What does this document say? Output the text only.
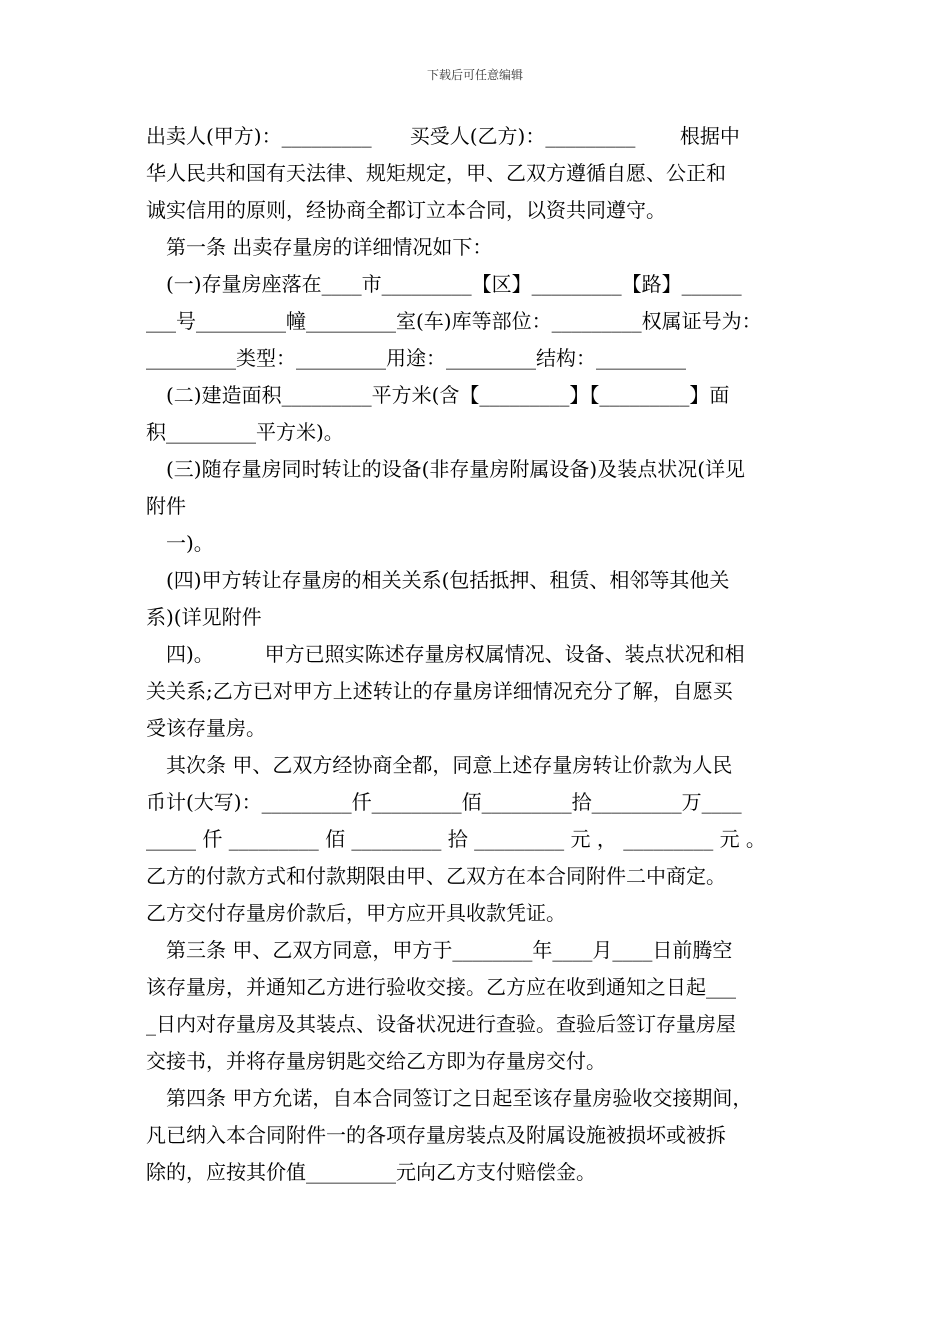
下载后可任意编辑
出卖人(甲方)：_________      买受人(乙方)：_________       根据中
华人民共和国有天法律、规矩规定，甲、乙双方遵循自愿、公正和
诚实信用的原则，经协商全都订立本合同，以资共同遵守。
第一条 出卖存量房的详细情况如下：
(一)存量房座落在____市_________【区】_________【路】______
___号_________幢_________室(车)库等部位：_________权属证号为：
_________类型：_________用途：_________结构：_________
(二)建造面积_________平方米(含【_________】【_________】面
积_________平方米)。
(三)随存量房同时转让的设备(非存量房附属设备)及装点状况(详见
附件
一)。
(四)甲方转让存量房的相关关系(包括抵押、租赁、相邻等其他关
系)(详见附件
四)。        甲方已照实陈述存量房权属情况、设备、装点状况和相
关关系;乙方已对甲方上述转让的存量房详细情况充分了解，自愿买
受该存量房。
其次条 甲、乙双方经协商全都，同意上述存量房转让价款为人民
币计(大写)：_________仟_________佰_________拾_________万____
_____ 仟 _________ 佰 _________ 拾 _________ 元 ， _________ 元 。
乙方的付款方式和付款期限由甲、乙双方在本合同附件二中商定。
乙方交付存量房价款后，甲方应开具收款凭证。
第三条 甲、乙双方同意，甲方于________年____月____日前腾空
该存量房，并通知乙方进行验收交接。乙方应在收到通知之日起___
_日内对存量房及其装点、设备状况进行查验。查验后签订存量房屋
交接书，并将存量房钥匙交给乙方即为存量房交付。
第四条 甲方允诺，自本合同签订之日起至该存量房验收交接期间，
凡已纳入本合同附件一的各项存量房装点及附属设施被损坏或被拆
除的，应按其价值_________元向乙方支付赔偿金。
